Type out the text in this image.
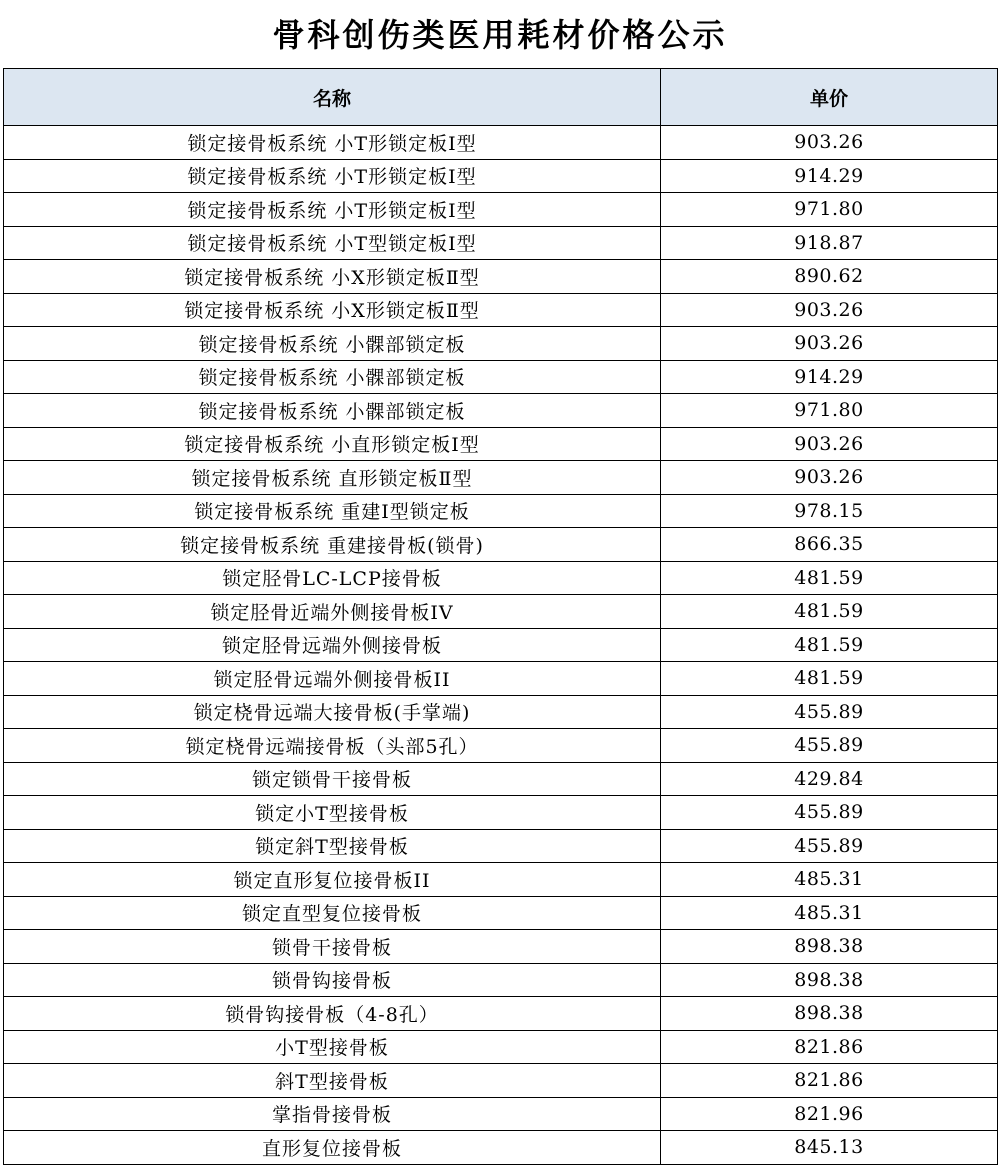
骨科创伤类医用耗材价格公示
名称	单价
锁定接骨板系统 小T形锁定板Ⅰ型	903.26
锁定接骨板系统 小T形锁定板Ⅰ型	914.29
锁定接骨板系统 小T形锁定板Ⅰ型	971.80
锁定接骨板系统 小T型锁定板Ⅰ型	918.87
锁定接骨板系统 小X形锁定板Ⅱ型	890.62
锁定接骨板系统 小X形锁定板Ⅱ型	903.26
锁定接骨板系统 小髁部锁定板	903.26
锁定接骨板系统 小髁部锁定板	914.29
锁定接骨板系统 小髁部锁定板	971.80
锁定接骨板系统 小直形锁定板Ⅰ型	903.26
锁定接骨板系统 直形锁定板Ⅱ型	903.26
锁定接骨板系统 重建Ⅰ型锁定板	978.15
锁定接骨板系统 重建接骨板(锁骨)	866.35
锁定胫骨LC-LCP接骨板	481.59
锁定胫骨近端外侧接骨板IV	481.59
锁定胫骨远端外侧接骨板	481.59
锁定胫骨远端外侧接骨板II	481.59
锁定桡骨远端大接骨板(手掌端)	455.89
锁定桡骨远端接骨板（头部5孔）	455.89
锁定锁骨干接骨板	429.84
锁定小T型接骨板	455.89
锁定斜T型接骨板	455.89
锁定直形复位接骨板II	485.31
锁定直型复位接骨板	485.31
锁骨干接骨板	898.38
锁骨钩接骨板	898.38
锁骨钩接骨板（4-8孔）	898.38
小T型接骨板	821.86
斜T型接骨板	821.86
掌指骨接骨板	821.96
直形复位接骨板	845.13
